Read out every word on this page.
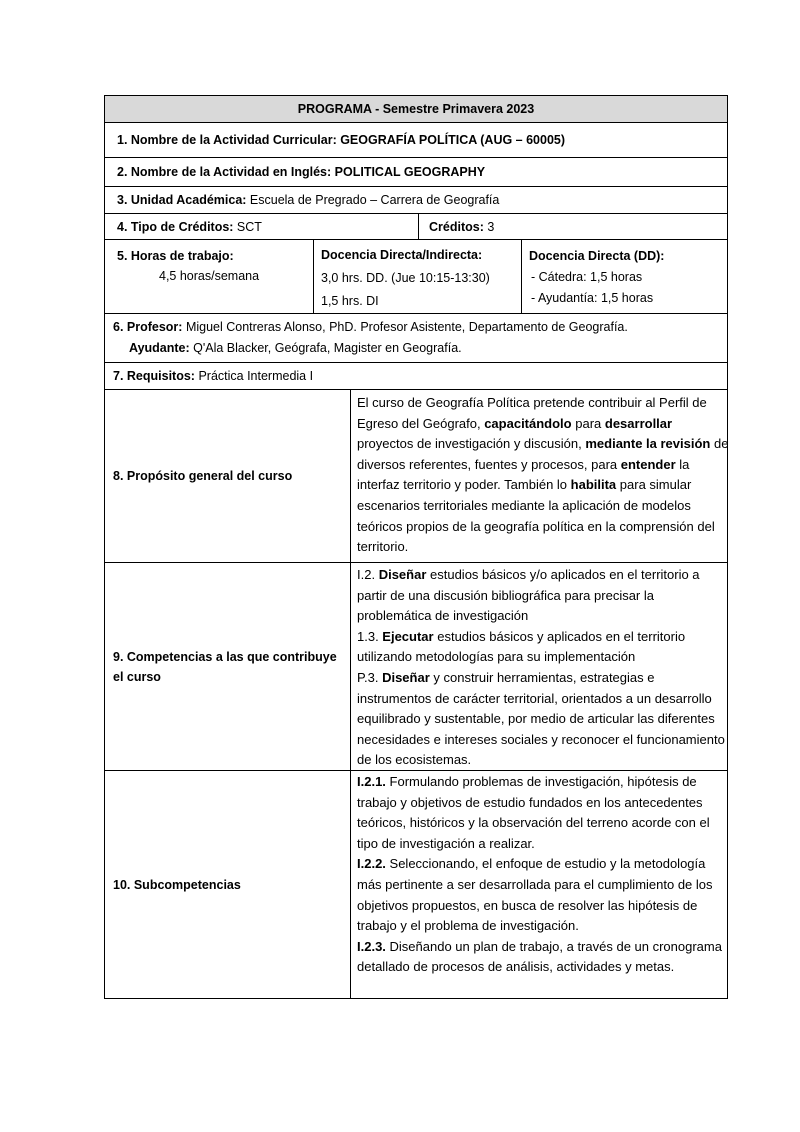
PROGRAMA - Semestre Primavera 2023
1. Nombre de la Actividad Curricular: GEOGRAFÍA POLÍTICA (AUG – 60005)
2. Nombre de la Actividad en Inglés: POLITICAL GEOGRAPHY
3. Unidad Académica: Escuela de Pregrado – Carrera de Geografía
4. Tipo de Créditos: SCT	Créditos: 3

5. Horas de trabajo:

4,5 horas/semana

Docencia Directa/Indirecta:

3,0 hrs. DD. (Jue 10:15-13:30)

1,5 hrs. DI

Docencia Directa (DD):

- Cátedra: 1,5 horas

- Ayudantía: 1,5 horas

6. Profesor: Miguel Contreras Alonso, PhD. Profesor Asistente, Departamento de Geografía.

Ayudante: Q'Ala Blacker, Geógrafa, Magister en Geografía.

7. Requisitos: Práctica Intermedia I
8. Propósito general del curso
El curso de Geografía Política pretende contribuir al Perfil de Egreso del Geógrafo, capacitándolo para desarrollar proyectos de investigación y discusión, mediante la revisión de diversos referentes, fuentes y procesos, para entender la interfaz territorio y poder. También lo habilita para simular escenarios territoriales mediante la aplicación de modelos teóricos propios de la geografía política en la comprensión del territorio.
9. Competencias a las que contribuye el curso

I.2. Diseñar estudios básicos y/o aplicados en el territorio a partir de una discusión bibliográfica para precisar la problemática de investigación

1.3. Ejecutar estudios básicos y aplicados en el territorio utilizando metodologías para su implementación

P.3. Diseñar y construir herramientas, estrategias e instrumentos de carácter territorial, orientados a un desarrollo equilibrado y sustentable, por medio de articular las diferentes necesidades e intereses sociales y reconocer el funcionamiento de los ecosistemas.

10. Subcompetencias

I.2.1. Formulando problemas de investigación, hipótesis de trabajo y objetivos de estudio fundados en los antecedentes teóricos, históricos y la observación del terreno acorde con el tipo de investigación a realizar.

I.2.2. Seleccionando, el enfoque de estudio y la metodología más pertinente a ser desarrollada para el cumplimiento de los objetivos propuestos, en busca de resolver las hipótesis de trabajo y el problema de investigación.

I.2.3. Diseñando un plan de trabajo, a través de un cronograma detallado de procesos de análisis, actividades y metas.
